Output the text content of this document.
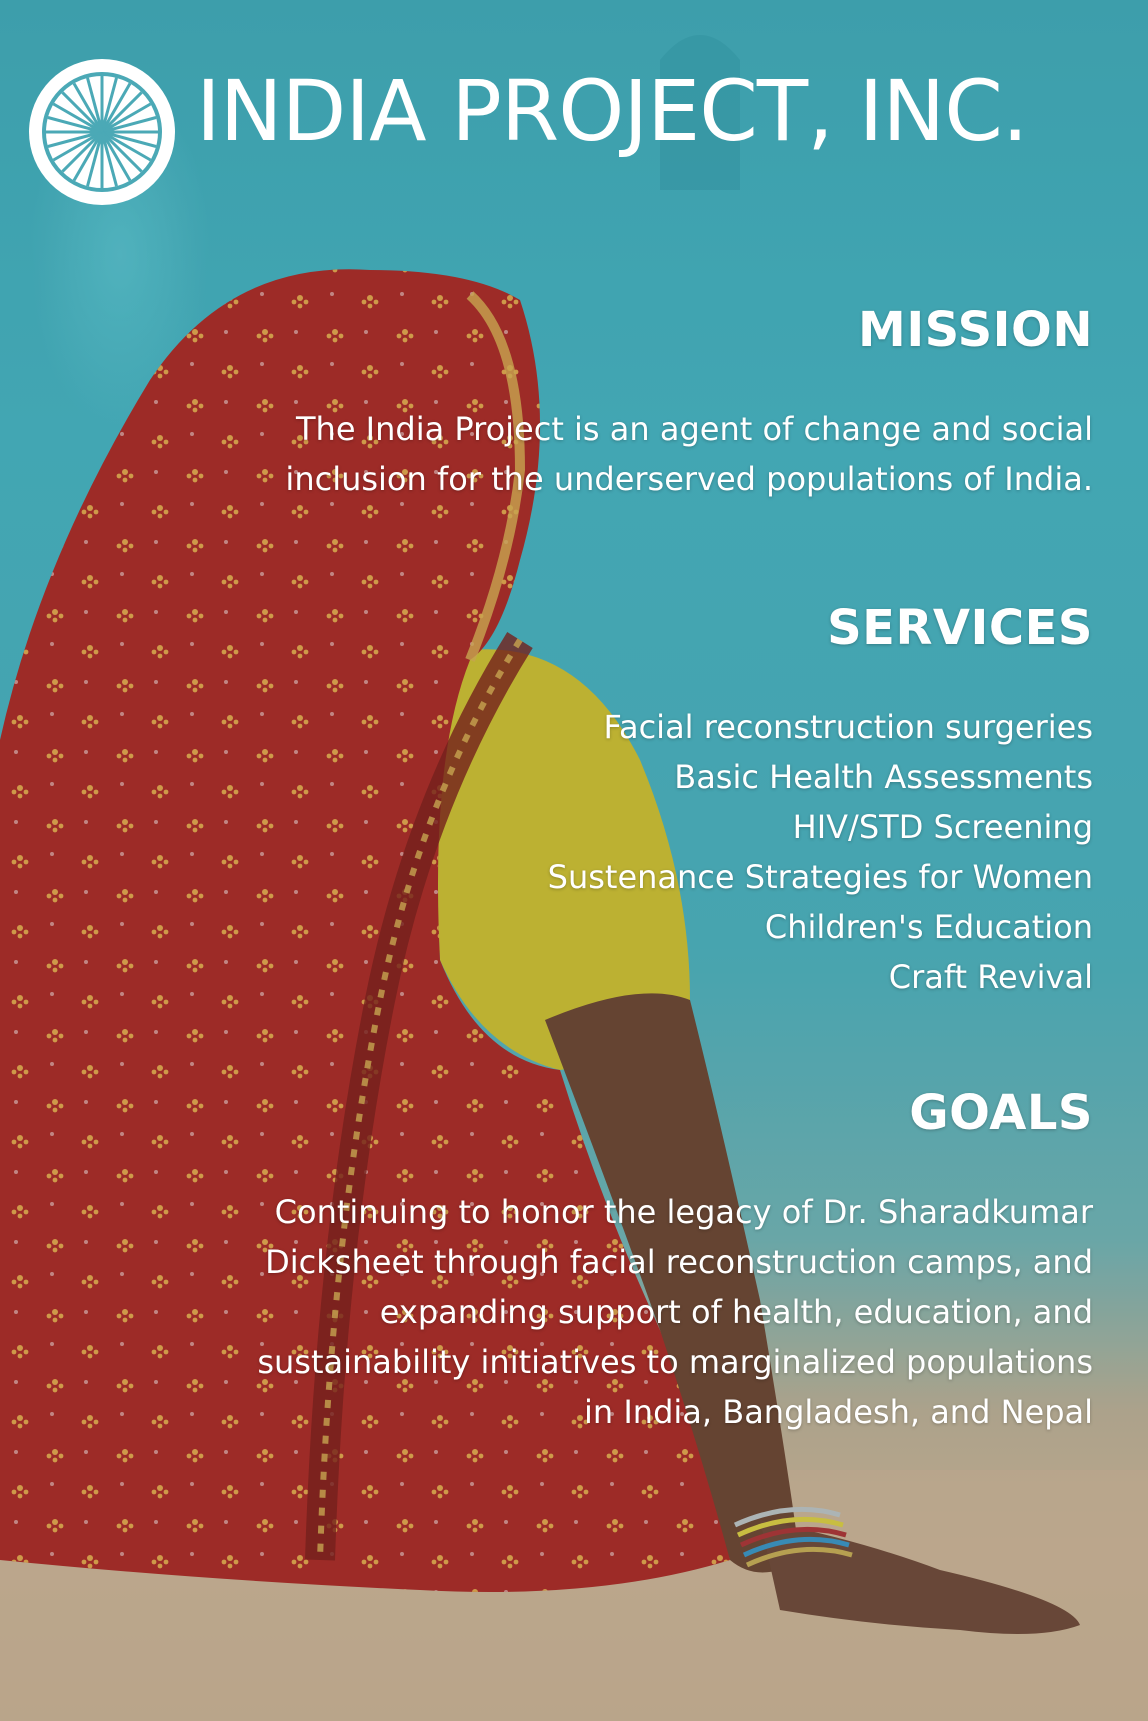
INDIA PROJECT, INC.
MISSION

The India Project is an agent of change and social

inclusion for the underserved populations of India.

SERVICES
Facial reconstruction surgeries
Basic Health Assessments
HIV/STD Screening
Sustenance Strategies for Women
Children's Education
Craft Revival
GOALS

Continuing to honor the legacy of Dr. Sharadkumar

Dicksheet through facial reconstruction camps, and

expanding support of health, education, and

sustainability initiatives to marginalized populations

in India, Bangladesh, and Nepal
